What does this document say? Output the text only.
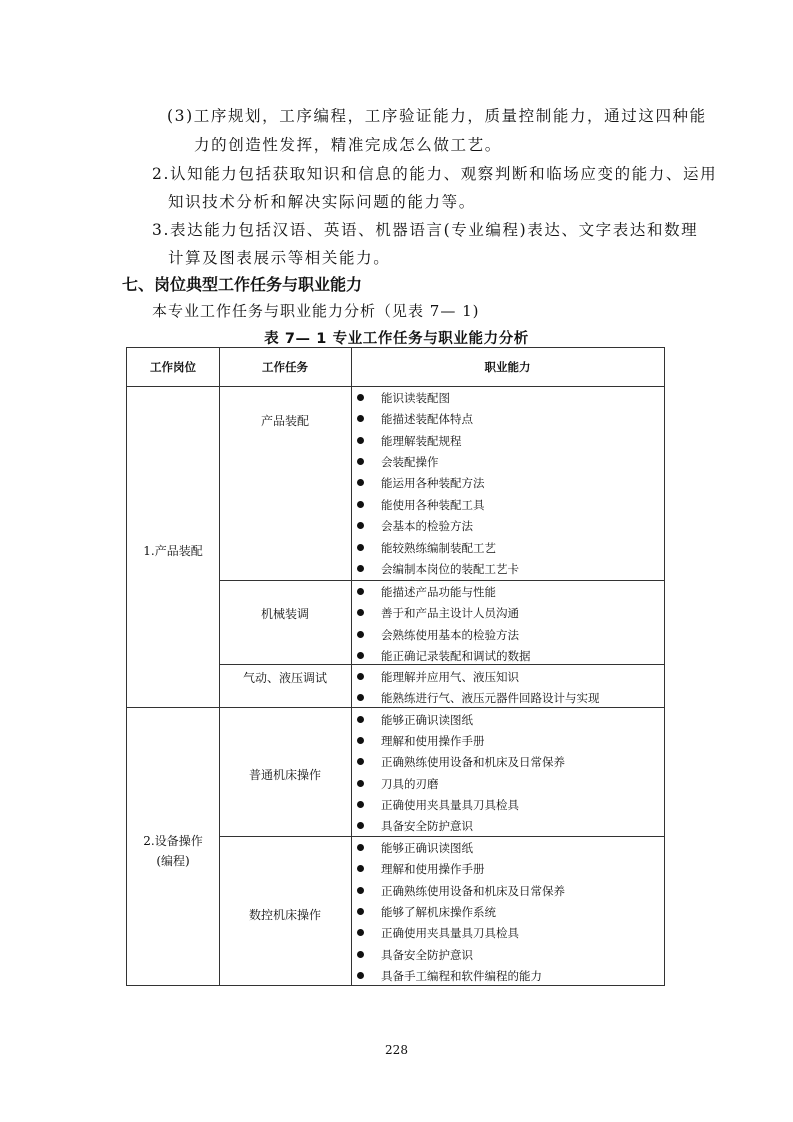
(3)工序规划，工序编程，工序验证能力，质量控制能力，通过这四种能
力的创造性发挥，精准完成怎么做工艺。
2.认知能力包括获取知识和信息的能力、观察判断和临场应变的能力、运用
知识技术分析和解决实际问题的能力等。
3.表达能力包括汉语、英语、机器语言(专业编程)表达、文字表达和数理
计算及图表展示等相关能力。
七、岗位典型工作任务与职业能力
本专业工作任务与职业能力分析（见表 7— 1)
表 7— 1 专业工作任务与职业能力分析
工作岗位	工作任务	职业能力
1.产品装配
2.设备操作
(编程)
产品装配
机械装调
气动、液压调试
普通机床操作
数控机床操作
能识读装配图
能描述装配体特点
能理解装配规程
会装配操作
能运用各种装配方法
能使用各种装配工具
会基本的检验方法
能较熟练编制装配工艺
会编制本岗位的装配工艺卡
能描述产品功能与性能
善于和产品主设计人员沟通
会熟练使用基本的检验方法
能正确记录装配和调试的数据
能理解并应用气、液压知识
能熟练进行气、液压元器件回路设计与实现
能够正确识读图纸
理解和使用操作手册
正确熟练使用设备和机床及日常保养
刀具的刃磨
正确使用夹具量具刀具检具
具备安全防护意识
能够正确识读图纸
理解和使用操作手册
正确熟练使用设备和机床及日常保养
能够了解机床操作系统
正确使用夹具量具刀具检具
具备安全防护意识
具备手工编程和软件编程的能力
228
